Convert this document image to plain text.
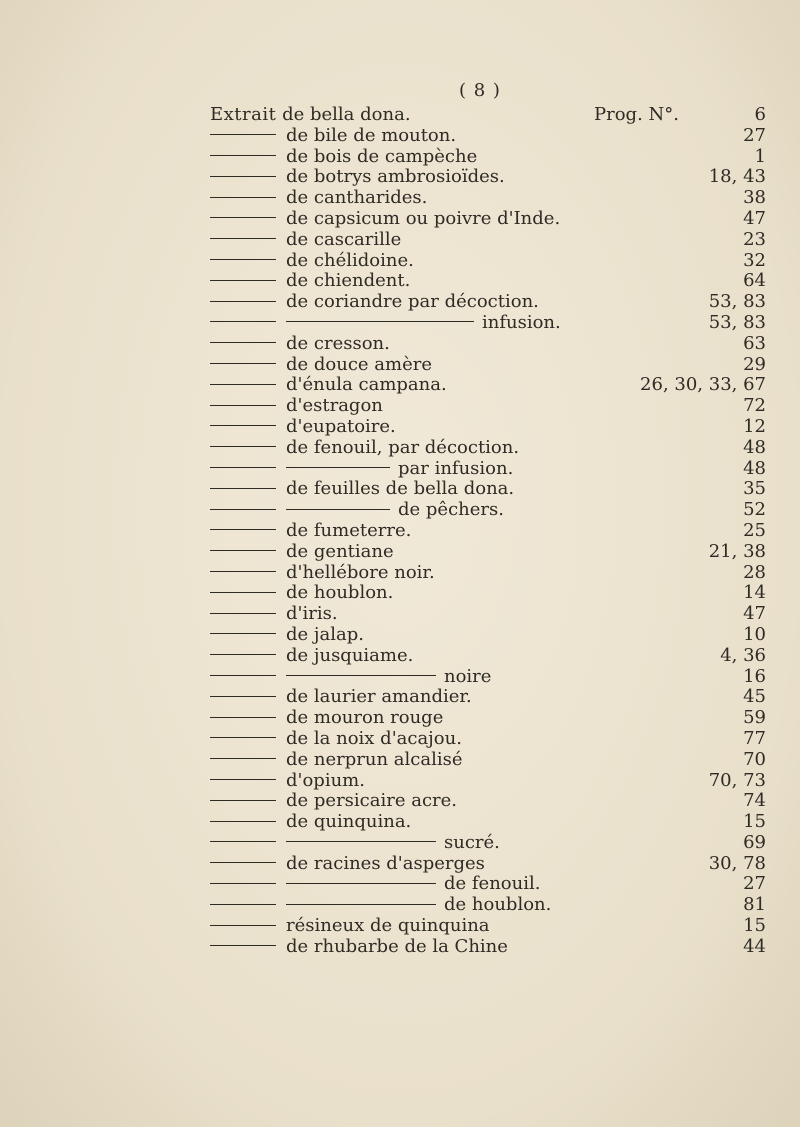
( 8 )
Extrait de bella dona.	Prog. N°.	6
de bile de mouton.	27
de bois de campèche	1
de botrys ambrosioïdes.	18, 43
de cantharides.	38
de capsicum ou poivre d'Inde.	47
de cascarille	23
de chélidoine.	32
de chiendent.	64
de coriandre par décoction.	53, 83
infusion.	53, 83
de cresson.	63
de douce amère	29
d'énula campana.	26, 30, 33, 67
d'estragon	72
d'eupatoire.	12
de fenouil, par décoction.	48
par infusion.	48
de feuilles de bella dona.	35
de pêchers.	52
de fumeterre.	25
de gentiane	21, 38
d'hellébore noir.	28
de houblon.	14
d'iris.	47
de jalap.	10
de jusquiame.	4, 36
noire	16
de laurier amandier.	45
de mouron rouge	59
de la noix d'acajou.	77
de nerprun alcalisé	70
d'opium.	70, 73
de persicaire acre.	74
de quinquina.	15
sucré.	69
de racines d'asperges	30, 78
de fenouil.	27
de houblon.	81
résineux de quinquina	15
de rhubarbe de la Chine	44
